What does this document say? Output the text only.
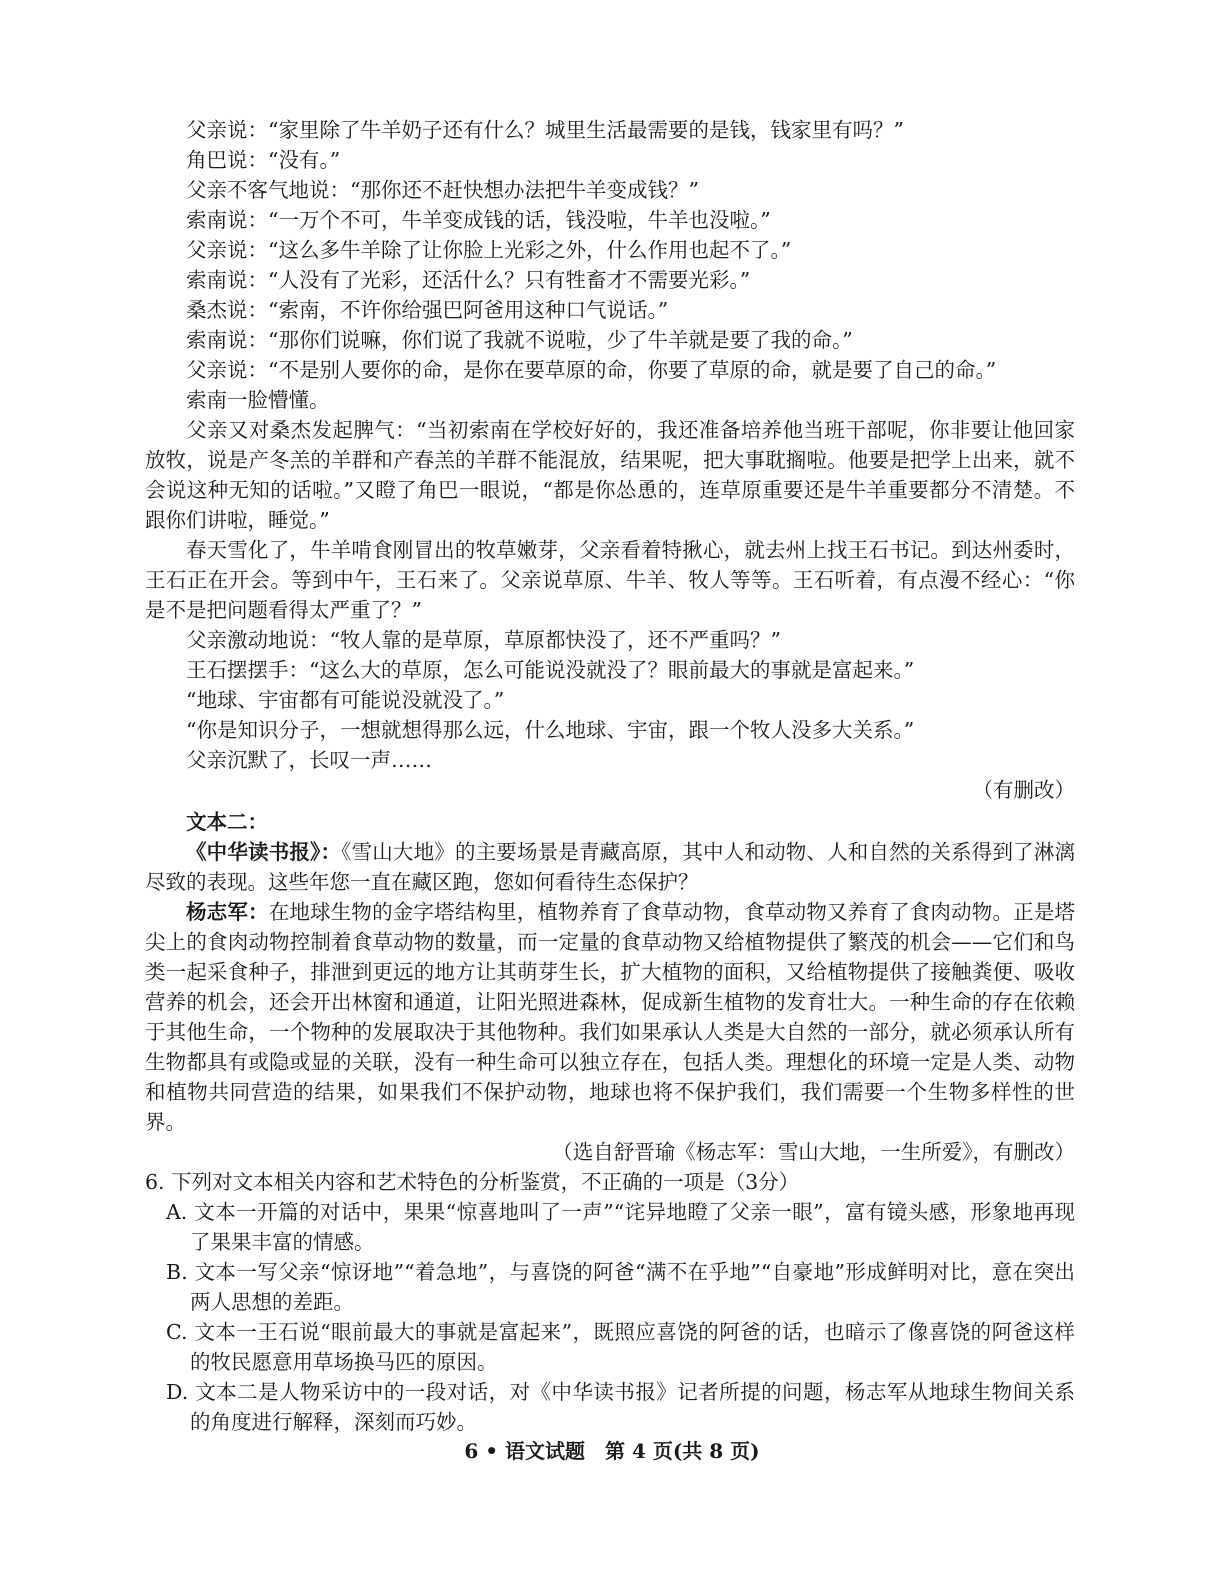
父亲说：“家里除了牛羊奶子还有什么？城里生活最需要的是钱，钱家里有吗？”

角巴说：“没有。”

父亲不客气地说：“那你还不赶快想办法把牛羊变成钱？”

索南说：“一万个不可，牛羊变成钱的话，钱没啦，牛羊也没啦。”

父亲说：“这么多牛羊除了让你脸上光彩之外，什么作用也起不了。”

索南说：“人没有了光彩，还活什么？只有牲畜才不需要光彩。”

桑杰说：“索南，不许你给强巴阿爸用这种口气说话。”

索南说：“那你们说嘛，你们说了我就不说啦，少了牛羊就是要了我的命。”

父亲说：“不是别人要你的命，是你在要草原的命，你要了草原的命，就是要了自己的命。”

索南一脸懵懂。

父亲又对桑杰发起脾气：“当初索南在学校好好的，我还准备培养他当班干部呢，你非要让他回家放牧，说是产冬羔的羊群和产春羔的羊群不能混放，结果呢，把大事耽搁啦。他要是把学上出来，就不会说这种无知的话啦。”又瞪了角巴一眼说，“都是你怂恿的，连草原重要还是牛羊重要都分不清楚。不跟你们讲啦，睡觉。”

春天雪化了，牛羊啃食刚冒出的牧草嫩芽，父亲看着特揪心，就去州上找王石书记。到达州委时，王石正在开会。等到中午，王石来了。父亲说草原、牛羊、牧人等等。王石听着，有点漫不经心：“你是不是把问题看得太严重了？”

父亲激动地说：“牧人靠的是草原，草原都快没了，还不严重吗？”

王石摆摆手：“这么大的草原，怎么可能说没就没了？眼前最大的事就是富起来。”

“地球、宇宙都有可能说没就没了。”

“你是知识分子，一想就想得那么远，什么地球、宇宙，跟一个牧人没多大关系。”

父亲沉默了，长叹一声……

（有删改）

文本二：

《中华读书报》：《雪山大地》的主要场景是青藏高原，其中人和动物、人和自然的关系得到了淋漓尽致的表现。这些年您一直在藏区跑，您如何看待生态保护？

杨志军：在地球生物的金字塔结构里，植物养育了食草动物，食草动物又养育了食肉动物。正是塔尖上的食肉动物控制着食草动物的数量，而一定量的食草动物又给植物提供了繁茂的机会——它们和鸟类一起采食种子，排泄到更远的地方让其萌芽生长，扩大植物的面积，又给植物提供了接触粪便、吸收营养的机会，还会开出林窗和通道，让阳光照进森林，促成新生植物的发育壮大。一种生命的存在依赖于其他生命，一个物种的发展取决于其他物种。我们如果承认人类是大自然的一部分，就必须承认所有生物都具有或隐或显的关联，没有一种生命可以独立存在，包括人类。理想化的环境一定是人类、动物和植物共同营造的结果，如果我们不保护动物，地球也将不保护我们，我们需要一个生物多样性的世界。

（选自舒晋瑜《杨志军：雪山大地，一生所爱》，有删改）

6. 下列对文本相关内容和艺术特色的分析鉴赏，不正确的一项是（3分）

A. 文本一开篇的对话中，果果“惊喜地叫了一声”“诧异地瞪了父亲一眼”，富有镜头感，形象地再现了果果丰富的情感。

B. 文本一写父亲“惊讶地”“着急地”，与喜饶的阿爸“满不在乎地”“自豪地”形成鲜明对比，意在突出两人思想的差距。

C. 文本一王石说“眼前最大的事就是富起来”，既照应喜饶的阿爸的话，也暗示了像喜饶的阿爸这样的牧民愿意用草场换马匹的原因。

D. 文本二是人物采访中的一段对话，对《中华读书报》记者所提的问题，杨志军从地球生物间关系的角度进行解释，深刻而巧妙。

6 • 语文试题　第 4 页(共 8 页)
